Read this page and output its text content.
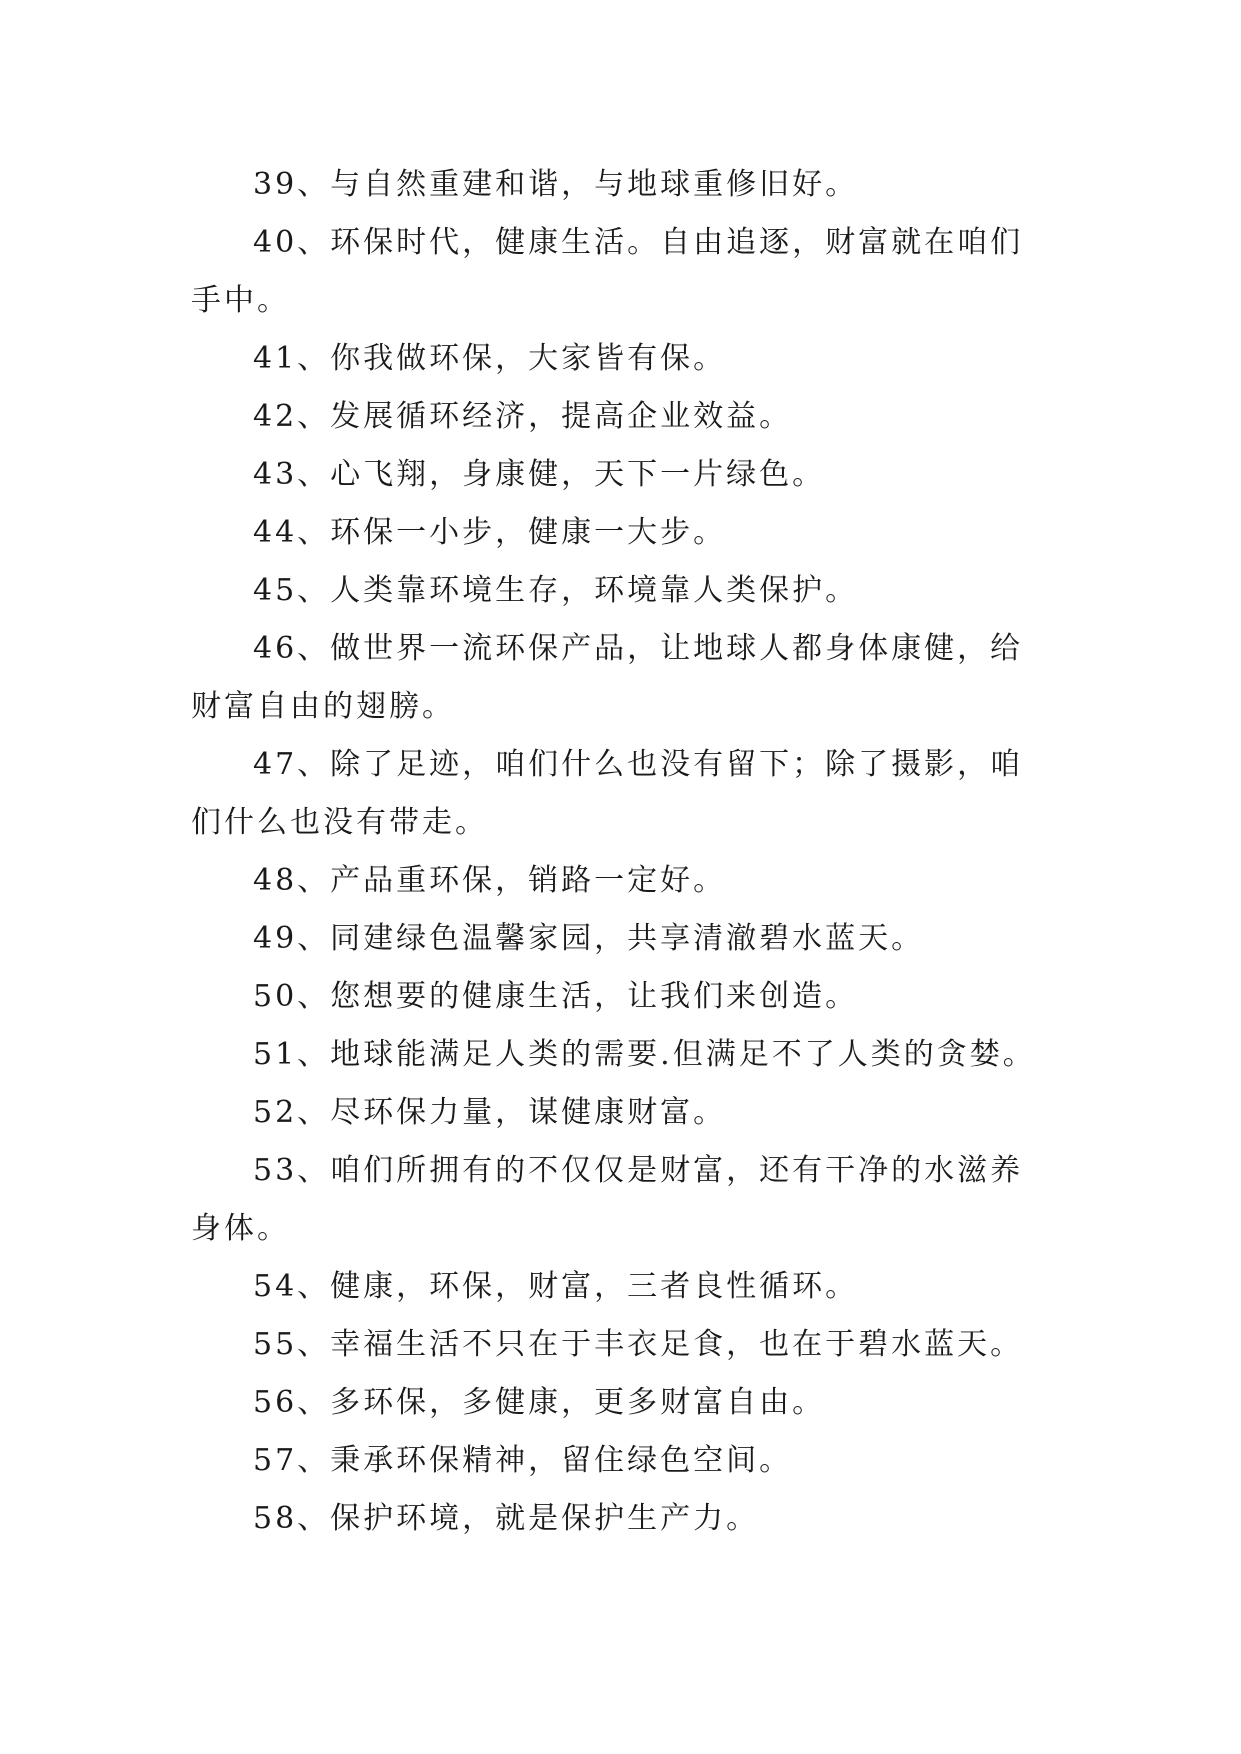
39、与自然重建和谐，与地球重修旧好。

40、环保时代，健康生活。自由追逐，财富就在咱们手中。

41、你我做环保，大家皆有保。

42、发展循环经济，提高企业效益。

43、心飞翔，身康健，天下一片绿色。

44、环保一小步，健康一大步。

45、人类靠环境生存，环境靠人类保护。

46、做世界一流环保产品，让地球人都身体康健，给财富自由的翅膀。

47、除了足迹，咱们什么也没有留下；除了摄影，咱们什么也没有带走。

48、产品重环保，销路一定好。

49、同建绿色温馨家园，共享清澈碧水蓝天。

50、您想要的健康生活，让我们来创造。

51、地球能满足人类的需要.但满足不了人类的贪婪。

52、尽环保力量，谋健康财富。

53、咱们所拥有的不仅仅是财富，还有干净的水滋养身体。

54、健康，环保，财富，三者良性循环。

55、幸福生活不只在于丰衣足食，也在于碧水蓝天。

56、多环保，多健康，更多财富自由。

57、秉承环保精神，留住绿色空间。

58、保护环境，就是保护生产力。
